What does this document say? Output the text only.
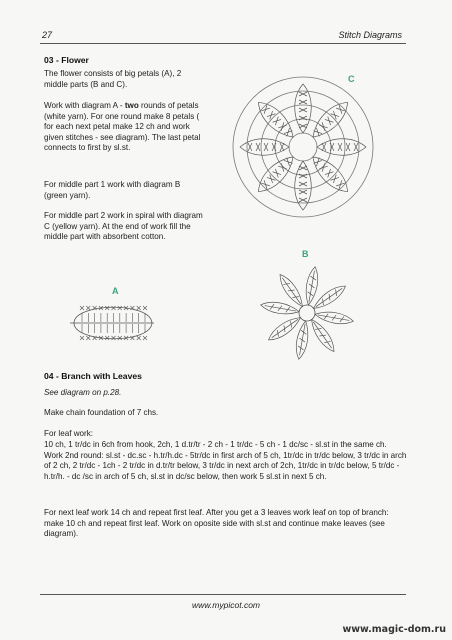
27	Stitch Diagrams
03 - Flower

The flower consists of big petals (A), 2 middle parts (B and C).

Work with diagram A - two rounds of petals (white yarn). For one round make 8 petals ( for each next petal make 12 ch and work given stitches - see diagram). The last petal connects to first by sl.st.

For middle part 1 work with diagram B (green yarn).

For middle part 2 work in spiral with diagram C (yellow yarn). At the end of work fill the middle part with absorbent cotton.

C
B
A
04 - Branch with Leaves

See diagram on p.28.

Make chain foundation of 7 chs.

For leaf work:

10 ch, 1 tr/dc in 6ch from hook, 2ch, 1 d.tr/tr - 2 ch - 1 tr/dc - 5 ch - 1 dc/sc - sl.st in the same ch. Work 2nd round: sl.st - dc.sc - h.tr/h.dc - 5tr/dc in first arch of 5 ch, 1tr/dc in tr/dc below, 3 tr/dc in arch of 2 ch, 2 tr/dc - 1ch - 2 tr/dc in d.tr/tr below, 3 tr/dc in next arch of 2ch, 1tr/dc in tr/dc below, 5 tr/dc - h.tr/h. - dc /sc in arch of 5 ch, sl.st in dc/sc below, then work 5 sl.st in next 5 ch.

For next leaf work 14 ch and repeat first leaf. After you get a 3 leaves work leaf on top of branch: make 10 ch and repeat first leaf. Work on oposite side with sl.st and continue make leaves (see diagram).

www.mypicot.com
www.magic-dom.ru
